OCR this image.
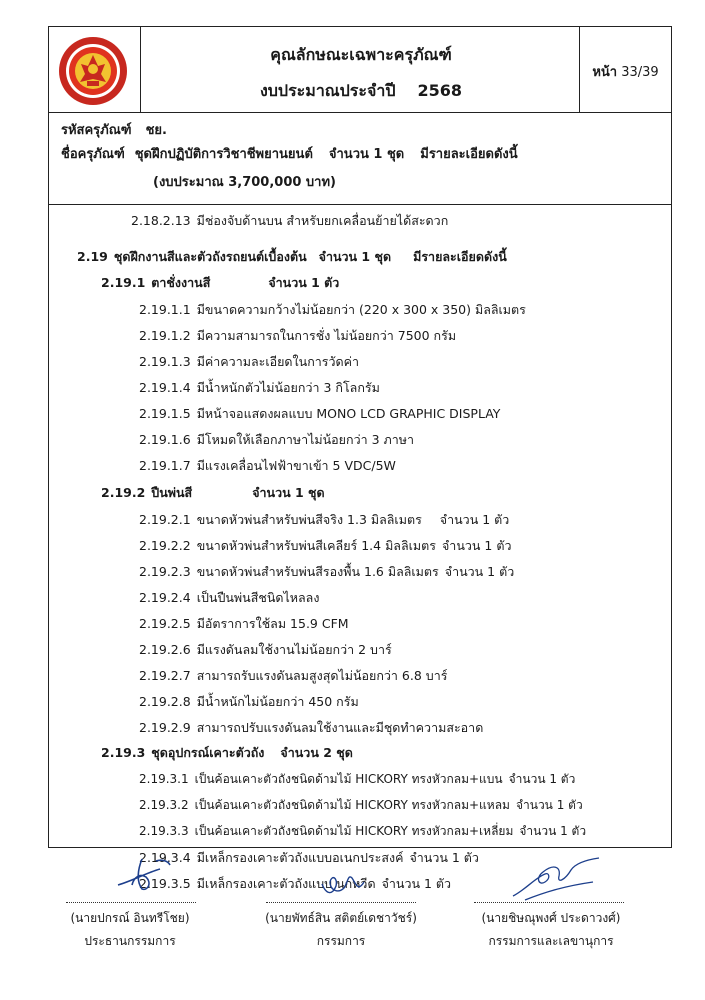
คุณลักษณะเฉพาะครุภัณฑ์
งบประมาณประจำปี 2568
หน้า 33/39
รหัสครุภัณฑ์ ชย.
ชื่อครุภัณฑ์ ชุดฝึกปฏิบัติการวิชาชีพยานยนต์ จำนวน 1 ชุด มีรายละเอียดดังนี้
(งบประมาณ 3,700,000 บาท)
2.18.2.13 มีช่องจับด้านบน สำหรับยกเคลื่อนย้ายได้สะดวก
2.19 ชุดฝึกงานสีและตัวถังรถยนต์เบื้องต้น จำนวน 1 ชุด มีรายละเอียดดังนี้
2.19.1 ตาชั่งงานสี	จำนวน 1 ตัว
2.19.1.1 มีขนาดความกว้างไม่น้อยกว่า (220 x 300 x 350) มิลลิเมตร
2.19.1.2 มีความสามารถในการชั่ง ไม่น้อยกว่า 7500 กรัม
2.19.1.3 มีค่าความละเอียดในการวัดค่า
2.19.1.4 มีน้ำหนักตัวไม่น้อยกว่า 3 กิโลกรัม
2.19.1.5 มีหน้าจอแสดงผลแบบ MONO LCD GRAPHIC DISPLAY
2.19.1.6 มีโหมดให้เลือกภาษาไม่น้อยกว่า 3 ภาษา
2.19.1.7 มีแรงเคลื่อนไฟฟ้าขาเข้า 5 VDC/5W
2.19.2 ปืนพ่นสี	จำนวน 1 ชุด
2.19.2.1 ขนาดหัวพ่นสำหรับพ่นสีจริง 1.3 มิลลิเมตร จำนวน 1 ตัว
2.19.2.2 ขนาดหัวพ่นสำหรับพ่นสีเคลียร์ 1.4 มิลลิเมตร จำนวน 1 ตัว
2.19.2.3 ขนาดหัวพ่นสำหรับพ่นสีรองพื้น 1.6 มิลลิเมตร จำนวน 1 ตัว
2.19.2.4 เป็นปืนพ่นสีชนิดไหลลง
2.19.2.5 มีอัตราการใช้ลม 15.9 CFM
2.19.2.6 มีแรงดันลมใช้งานไม่น้อยกว่า 2 บาร์
2.19.2.7 สามารถรับแรงดันลมสูงสุดไม่น้อยกว่า 6.8 บาร์
2.19.2.8 มีน้ำหนักไม่น้อยกว่า 450 กรัม
2.19.2.9 สามารถปรับแรงดันลมใช้งานและมีชุดทำความสะอาด
2.19.3 ชุดอุปกรณ์เคาะตัวถัง จำนวน 2 ชุด
2.19.3.1 เป็นค้อนเคาะตัวถังชนิดด้ามไม้ HICKORY ทรงหัวกลม+แบน จำนวน 1 ตัว
2.19.3.2 เป็นค้อนเคาะตัวถังชนิดด้ามไม้ HICKORY ทรงหัวกลม+แหลม จำนวน 1 ตัว
2.19.3.3 เป็นค้อนเคาะตัวถังชนิดด้ามไม้ HICKORY ทรงหัวกลม+เหลี่ยม จำนวน 1 ตัว
2.19.3.4 มีเหล็กรองเคาะตัวถังแบบอเนกประสงค์ จำนวน 1 ตัว
2.19.3.5 มีเหล็กรองเคาะตัวถังแบบ นกหวีด จำนวน 1 ตัว
(นายปกรณ์ อินทรีโชย)
ประธานกรรมการ
(นายพัทธ์สิน สติตย์เดชาวัชร์)
กรรมการ
(นายชิษณุพงศ์ ประดาวงศ์)
กรรมการและเลขานุการ
